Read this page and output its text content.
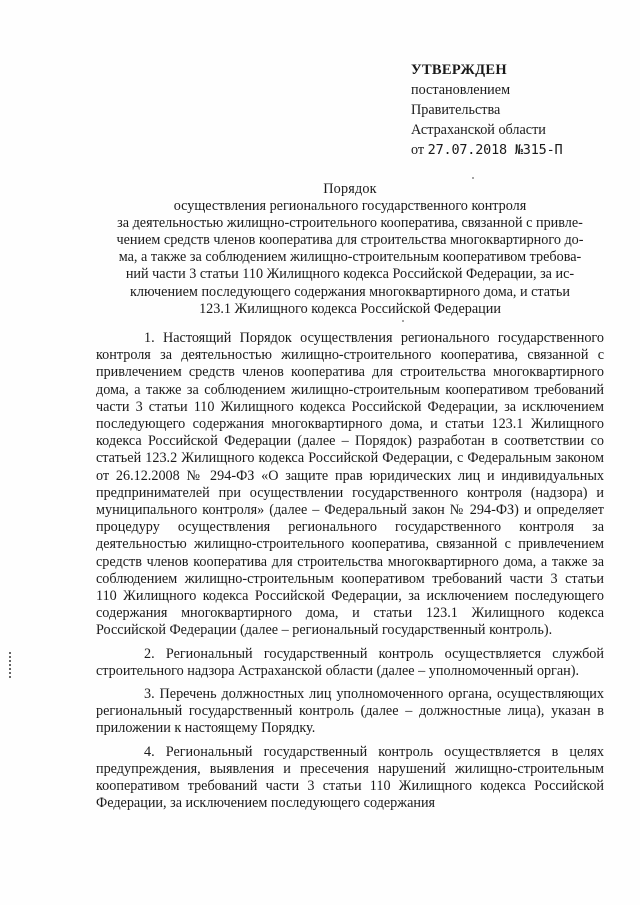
УТВЕРЖДЕН
постановлением
Правительства
Астраханской области
от 27.07.2018 №315-П
Порядок
осуществления регионального государственного контроля
за деятельностью жилищно-строительного кооператива, связанной с привле-
чением средств членов кооператива для строительства многоквартирного до-
ма, а также за соблюдением жилищно-строительным кооперативом требова-
ний части 3 статьи 110 Жилищного кодекса Российской Федерации, за ис-
ключением последующего содержания многоквартирного дома, и статьи
123.1 Жилищного кодекса Российской Федерации

1. Настоящий Порядок осуществления регионального государственного контроля за деятельностью жилищно-строительного кооператива, связанной с привлечением средств членов кооператива для строительства многоквартирного дома, а также за соблюдением жилищно-строительным кооперативом требований части 3 статьи 110 Жилищного кодекса Российской Федерации, за исключением последующего содержания многоквартирного дома, и статьи 123.1 Жилищного кодекса Российской Федерации (далее – Порядок) разработан в соответствии со статьей 123.2 Жилищного кодекса Российской Федерации, с Федеральным законом от 26.12.2008 № 294-ФЗ «О защите прав юридических лиц и индивидуальных предпринимателей при осуществлении государственного контроля (надзора) и муниципального контроля» (далее – Федеральный закон № 294-ФЗ) и определяет процедуру осуществления регионального государственного контроля за деятельностью жилищно-строительного кооператива, связанной с привлечением средств членов кооператива для строительства многоквартирного дома, а также за соблюдением жилищно-строительным кооперативом требований части 3 статьи 110 Жилищного кодекса Российской Федерации, за исключением последующего содержания многоквартирного дома, и статьи 123.1 Жилищного кодекса Российской Федерации (далее – региональный государственный контроль).

2. Региональный государственный контроль осуществляется службой строительного надзора Астраханской области (далее – уполномоченный орган).

3. Перечень должностных лиц уполномоченного органа, осуществляющих региональный государственный контроль (далее – должностные лица), указан в приложении к настоящему Порядку.

4. Региональный государственный контроль осуществляется в целях предупреждения, выявления и пресечения нарушений жилищно-строительным кооперативом требований части 3 статьи 110 Жилищного кодекса Российской Федерации, за исключением последующего содержания
